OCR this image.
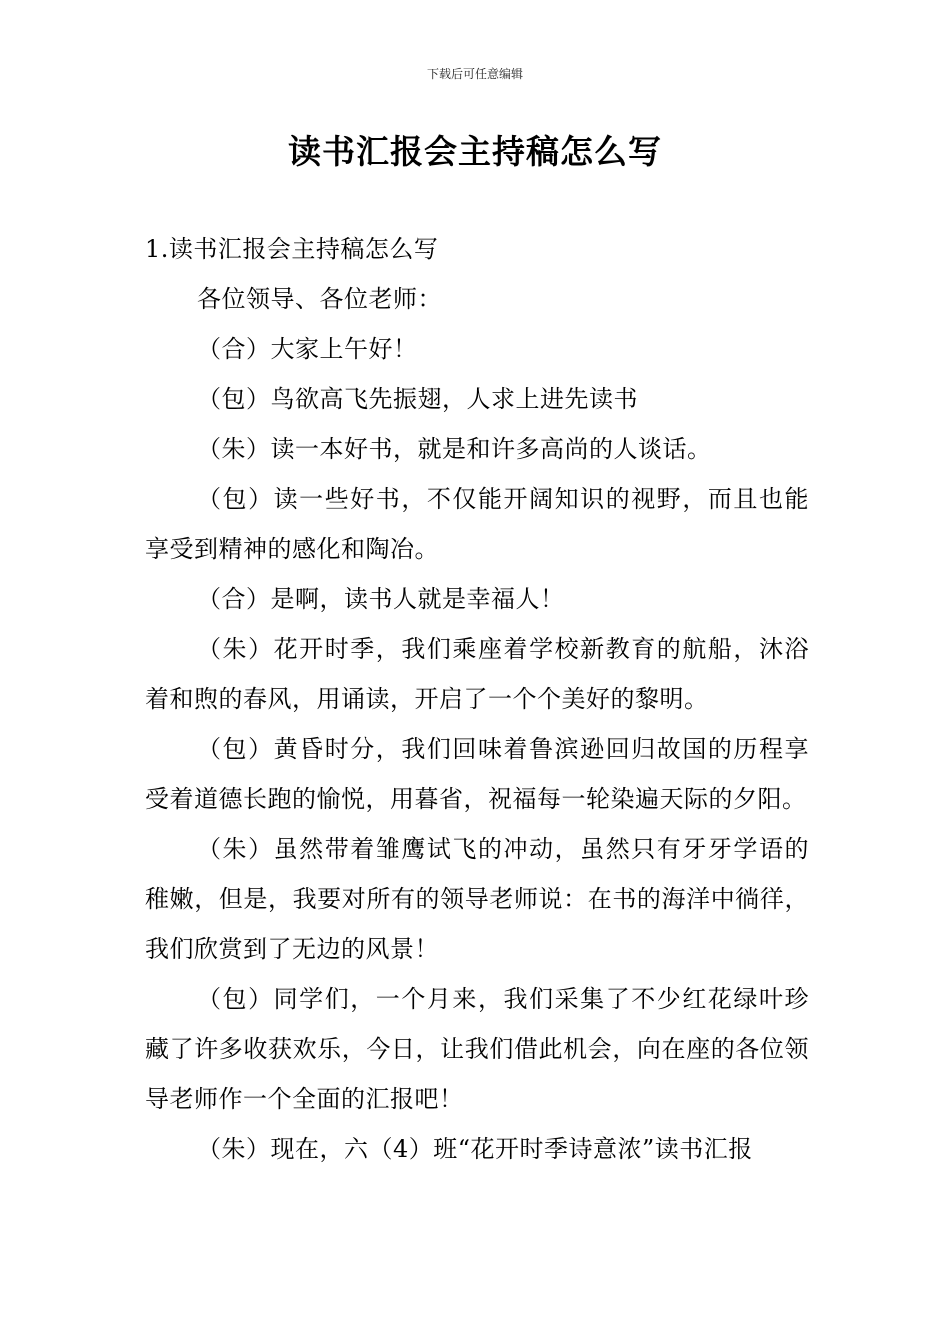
下载后可任意编辑
读书汇报会主持稿怎么写

1.读书汇报会主持稿怎么写

各位领导、各位老师：

（合）大家上午好！

（包）鸟欲高飞先振翅，人求上进先读书

（朱）读一本好书，就是和许多高尚的人谈话。

（包）读一些好书，不仅能开阔知识的视野，而且也能享受到精神的感化和陶冶。

（合）是啊，读书人就是幸福人！

（朱）花开时季，我们乘座着学校新教育的航船，沐浴着和煦的春风，用诵读，开启了一个个美好的黎明。

（包）黄昏时分，我们回味着鲁滨逊回归故国的历程享受着道德长跑的愉悦，用暮省，祝福每一轮染遍天际的夕阳。

（朱）虽然带着雏鹰试飞的冲动，虽然只有牙牙学语的稚嫩，但是，我要对所有的领导老师说：在书的海洋中徜徉，我们欣赏到了无边的风景！

（包）同学们，一个月来，我们采集了不少红花绿叶珍藏了许多收获欢乐，今日，让我们借此机会，向在座的各位领导老师作一个全面的汇报吧！

（朱）现在，六（4）班“花开时季诗意浓”读书汇报
